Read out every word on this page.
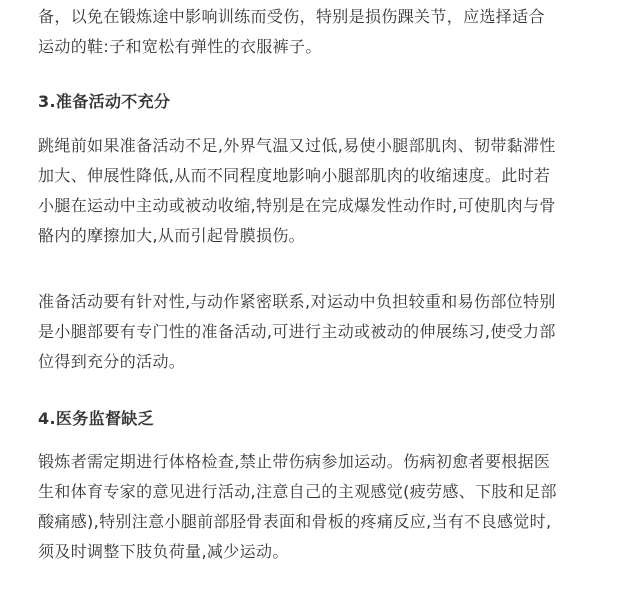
备，以免在锻炼途中影响训练而受伤，特别是损伤踝关节，应选择适合
运动的鞋:子和宽松有弹性的衣服裤子。

3.准备活动不充分

跳绳前如果准备活动不足,外界气温又过低,易使小腿部肌肉、韧带黏滞性
加大、伸展性降低,从而不同程度地影响小腿部肌肉的收缩速度。此时若
小腿在运动中主动或被动收缩,特别是在完成爆发性动作时,可使肌肉与骨
骼内的摩擦加大,从而引起骨膜损伤。

准备活动要有针对性,与动作紧密联系,对运动中负担较重和易伤部位特别
是小腿部要有专门性的准备活动,可进行主动或被动的伸展练习,使受力部
位得到充分的活动。

4.医务监督缺乏

锻炼者需定期进行体格检查,禁止带伤病参加运动。伤病初愈者要根据医
生和体育专家的意见进行活动,注意自己的主观感觉(疲劳感、下肢和足部
酸痛感),特别注意小腿前部胫骨表面和骨板的疼痛反应,当有不良感觉时,
须及时调整下肢负荷量,减少运动。
